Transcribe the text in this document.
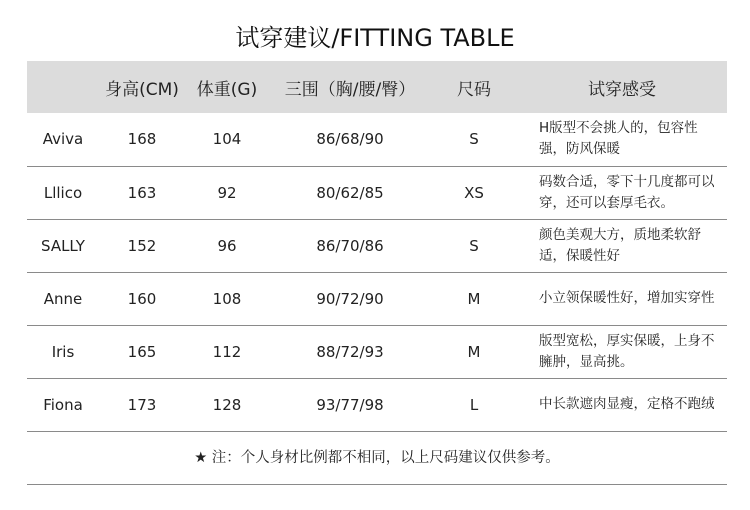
试穿建议/FITTING TABLE
	身高(CM)	体重(G)	三围（胸/腰/臀）	尺码	试穿感受
Aviva	168	104	86/68/90	S	H版型不会挑人的，包容性强，防风保暖
Lllico	163	92	80/62/85	XS	码数合适，零下十几度都可以穿，还可以套厚毛衣。
SALLY	152	96	86/70/86	S	颜色美观大方，质地柔软舒适，保暖性好
Anne	160	108	90/72/90	M	小立领保暖性好，增加实穿性
Iris	165	112	88/72/93	M	版型宽松，厚实保暖，上身不臃肿，显高挑。
Fiona	173	128	93/77/98	L	中长款遮肉显瘦，定格不跑绒
★ 注：个人身材比例都不相同，以上尺码建议仅供参考。
